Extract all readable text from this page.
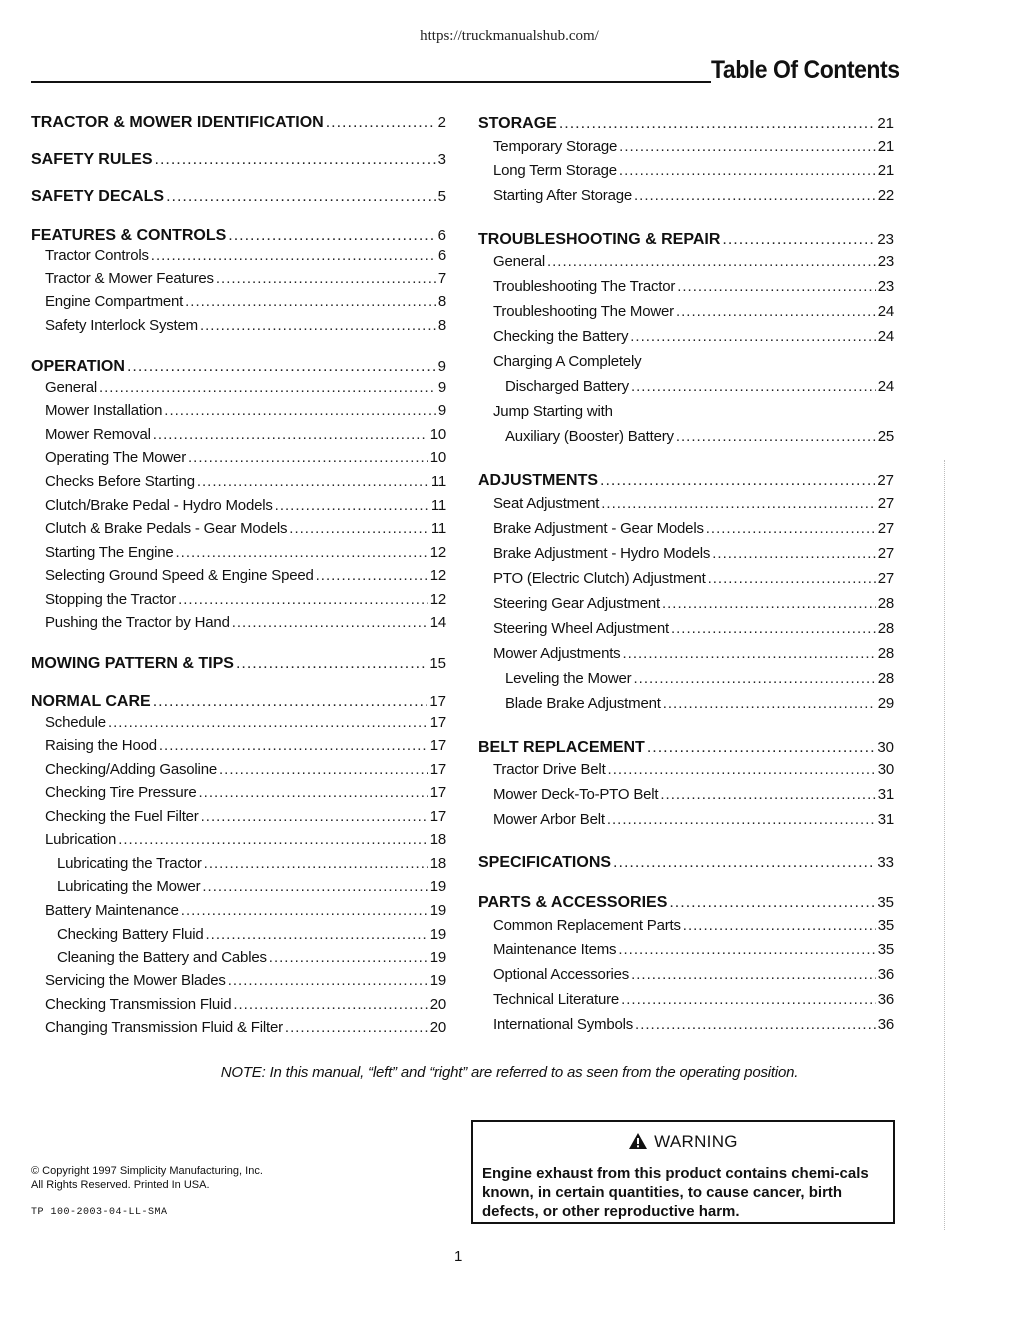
https://truckmanualshub.com/
Table Of Contents
TRACTOR & MOWER IDENTIFICATION .....	2
SAFETY RULES .....	3
SAFETY DECALS .....	5
FEATURES & CONTROLS .....	6
Tractor Controls .....	6
Tractor & Mower Features .....	7
Engine Compartment .....	8
Safety Interlock System .....	8
OPERATION .....	9
General .....	9
Mower Installation .....	9
Mower Removal .....	10
Operating The Mower .....	10
Checks Before Starting .....	11
Clutch/Brake Pedal - Hydro Models .....	11
Clutch & Brake Pedals - Gear Models .....	11
Starting The Engine .....	12
Selecting Ground Speed & Engine Speed .....	12
Stopping the Tractor .....	12
Pushing the Tractor by Hand .....	14
MOWING PATTERN & TIPS .....	15
NORMAL CARE .....	17
Schedule .....	17
Raising the Hood .....	17
Checking/Adding Gasoline .....	17
Checking Tire Pressure .....	17
Checking the Fuel Filter .....	17
Lubrication .....	18
Lubricating the Tractor .....	18
Lubricating the Mower .....	19
Battery Maintenance .....	19
Checking Battery Fluid .....	19
Cleaning the Battery and Cables .....	19
Servicing the Mower Blades .....	19
Checking Transmission Fluid .....	20
Changing Transmission Fluid & Filter .....	20
STORAGE .....	21
Temporary Storage .....	21
Long Term Storage .....	21
Starting After Storage .....	22
TROUBLESHOOTING & REPAIR .....	23
General .....	23
Troubleshooting The Tractor .....	23
Troubleshooting The Mower .....	24
Checking the Battery .....	24
Charging A Completely
Discharged Battery .....	24
Jump Starting with
Auxiliary (Booster) Battery .....	25
ADJUSTMENTS .....	27
Seat Adjustment .....	27
Brake Adjustment - Gear Models .....	27
Brake Adjustment - Hydro Models .....	27
PTO (Electric Clutch) Adjustment .....	27
Steering Gear Adjustment .....	28
Steering Wheel Adjustment .....	28
Mower Adjustments .....	28
Leveling the Mower .....	28
Blade Brake Adjustment .....	29
BELT REPLACEMENT .....	30
Tractor Drive Belt .....	30
Mower Deck-To-PTO Belt .....	31
Mower Arbor Belt .....	31
SPECIFICATIONS .....	33
PARTS & ACCESSORIES .....	35
Common Replacement Parts .....	35
Maintenance Items .....	35
Optional Accessories .....	36
Technical Literature .....	36
International Symbols .....	36
NOTE: In this manual, “left” and “right” are referred to as seen from the operating position.
© Copyright 1997 Simplicity Manufacturing, Inc.
All Rights Reserved. Printed In USA.
TP 100-2003-04-LL-SMA
WARNING
Engine exhaust from this product contains chemi-cals known, in certain quantities, to cause cancer, birth defects, or other reproductive harm.
1
